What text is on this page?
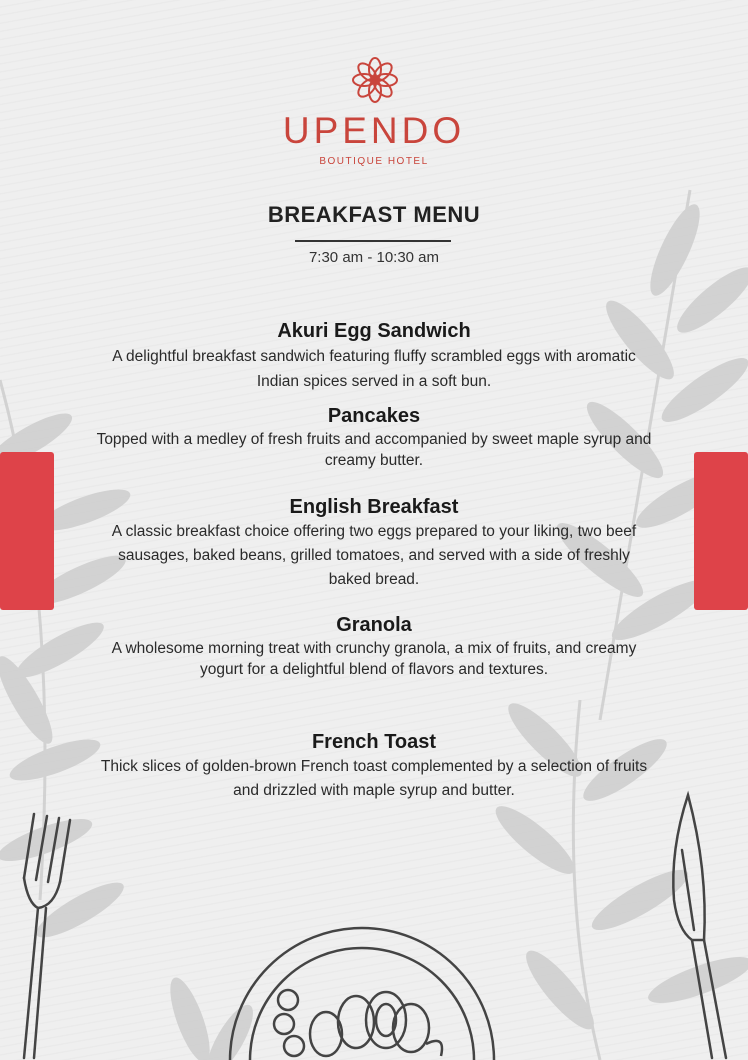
UPENDO
BOUTIQUE HOTEL
BREAKFAST MENU
7:30 am - 10:30 am
Akuri Egg Sandwich

A delightful breakfast sandwich featuring fluffy scrambled eggs with aromatic Indian spices served in a soft bun.

Pancakes

Topped with a medley of fresh fruits and accompanied by sweet maple syrup and creamy butter.

English Breakfast

A classic breakfast choice offering two eggs prepared to your liking, two beef sausages, baked beans, grilled tomatoes, and served with a side of freshly baked bread.

Granola

A wholesome morning treat with crunchy granola, a mix of fruits, and creamy yogurt for a delightful blend of flavors and textures.

French Toast

Thick slices of golden-brown French toast complemented by a selection of fruits and drizzled with maple syrup and butter.
